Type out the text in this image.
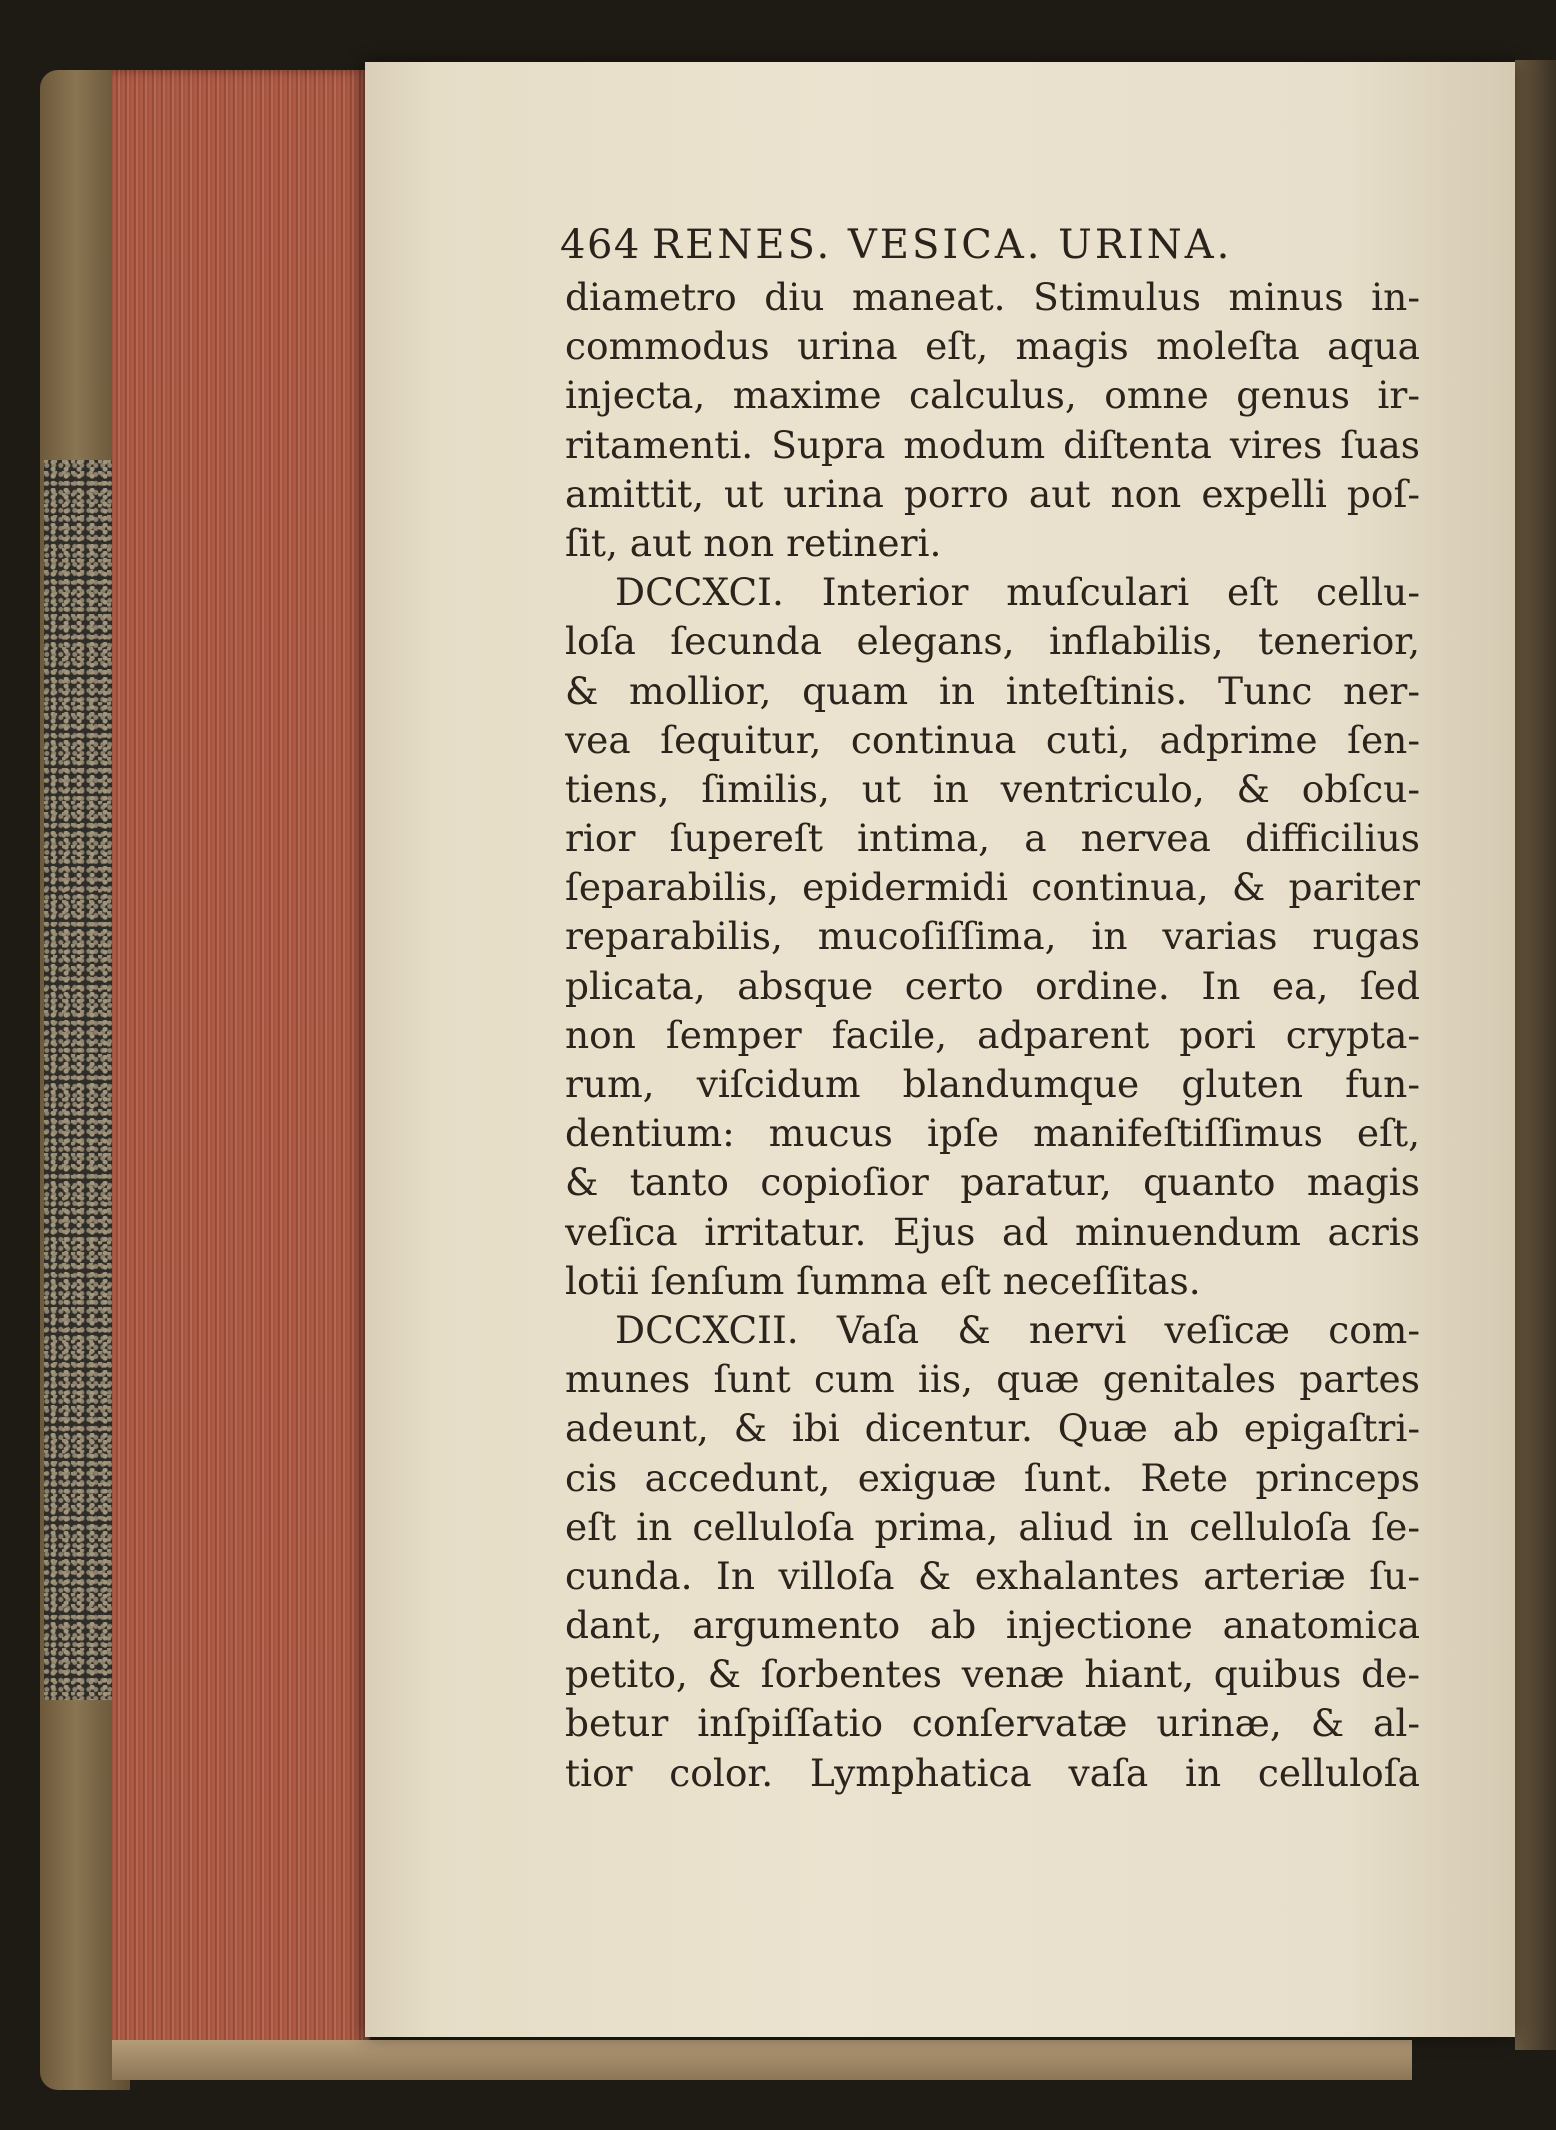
464 RENES. VESICA. URINA.
diametro diu maneat. Stimulus minus in-
commodus urina eſt, magis moleſta aqua
injecta, maxime calculus, omne genus ir-
ritamenti. Supra modum diſtenta vires ſuas
amittit, ut urina porro aut non expelli poſ-
ſit, aut non retineri.
DCCXCI. Interior muſculari eſt cellu-
loſa ſecunda elegans, inflabilis, tenerior,
& mollior, quam in inteſtinis. Tunc ner-
vea ſequitur, continua cuti, adprime ſen-
tiens, ſimilis, ut in ventriculo, & obſcu-
rior ſupereſt intima, a nervea difficilius
ſeparabilis, epidermidi continua, & pariter
reparabilis, mucoſiſſima, in varias rugas
plicata, absque certo ordine. In ea, ſed
non ſemper facile, adparent pori crypta-
rum, viſcidum blandumque gluten fun-
dentium: mucus ipſe manifeſtiſſimus eſt,
& tanto copioſior paratur, quanto magis
veſica irritatur. Ejus ad minuendum acris
lotii ſenſum ſumma eſt neceſſitas.
DCCXCII. Vaſa & nervi veſicæ com-
munes ſunt cum iis, quæ genitales partes
adeunt, & ibi dicentur. Quæ ab epigaſtri-
cis accedunt, exiguæ ſunt. Rete princeps
eſt in celluloſa prima, aliud in celluloſa ſe-
cunda. In villoſa & exhalantes arteriæ ſu-
dant, argumento ab injectione anatomica
petito, & ſorbentes venæ hiant, quibus de-
betur inſpiſſatio conſervatæ urinæ, & al-
tior color. Lymphatica vaſa in celluloſa
